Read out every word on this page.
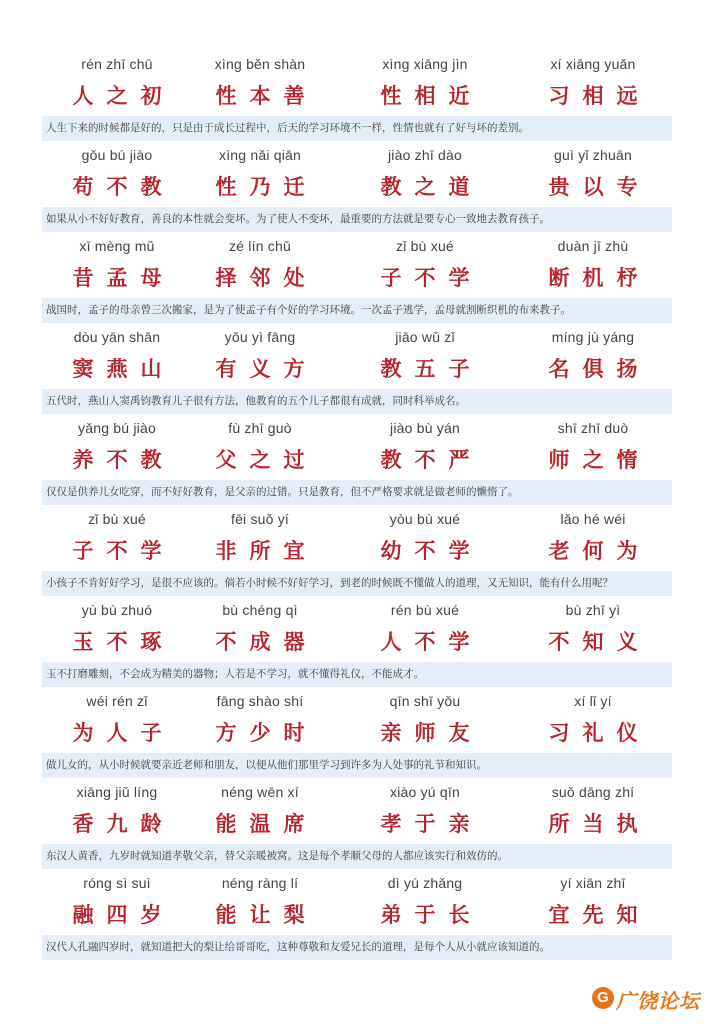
rén zhī chū	xìng běn shàn	xìng xiāng jìn	xí xiāng yuǎn
人之初	性本善	性相近	习相远
人生下来的时候都是好的，只是由于成长过程中，后天的学习环境不一样，性情也就有了好与坏的差别。
gǒu bú jiào	xìng nǎi qiān	jiào zhī dào	guì yǐ zhuān
苟不教	性乃迁	教之道	贵以专
如果从小不好好教育，善良的本性就会变坏。为了使人不变坏，最重要的方法就是要专心一致地去教育孩子。
xī mèng mǔ	zé lín chǔ	zǐ bù xué	duàn jī zhù
昔孟母	择邻处	子不学	断机杼
战国时，孟子的母亲曾三次搬家，是为了使孟子有个好的学习环境。一次孟子逃学，孟母就割断织机的布来教子。
dòu yān shān	yǒu yì fāng	jiāo wǔ zǐ	míng jù yáng
窦燕山	有义方	教五子	名俱扬
五代时，燕山人窦禹钧教育儿子很有方法，他教育的五个儿子都很有成就，同时科举成名。
yǎng bú jiào	fù zhī guò	jiào bù yán	shī zhī duò
养不教	父之过	教不严	师之惰
仅仅是供养儿女吃穿，而不好好教育，是父亲的过错。只是教育，但不严格要求就是做老师的懒惰了。
zǐ bù xué	fēi suǒ yí	yòu bù xué	lǎo hé wéi
子不学	非所宜	幼不学	老何为
小孩子不肯好好学习，是很不应该的。倘若小时候不好好学习，到老的时候既不懂做人的道理，又无知识，能有什么用呢？
yù bù zhuó	bù chéng qì	rén bù xué	bù zhī yì
玉不琢	不成器	人不学	不知义
玉不打磨雕刻，不会成为精美的器物；人若是不学习，就不懂得礼仪，不能成才。
wéi rén zǐ	fāng shào shí	qīn shī yǒu	xí lǐ yí
为人子	方少时	亲师友	习礼仪
做儿女的，从小时候就要亲近老师和朋友，以便从他们那里学习到许多为人处事的礼节和知识。
xiāng jiǔ líng	néng wēn xí	xiào yú qīn	suǒ dāng zhí
香九龄	能温席	孝于亲	所当执
东汉人黄香，九岁时就知道孝敬父亲，替父亲暖被窝。这是每个孝顺父母的人都应该实行和效仿的。
róng sì suì	néng ràng lí	dì yú zhǎng	yí xiān zhī
融四岁	能让梨	弟于长	宜先知
汉代人孔融四岁时，就知道把大的梨让给哥哥吃，这种尊敬和友爱兄长的道理，是每个人从小就应该知道的。
G 广饶论坛
